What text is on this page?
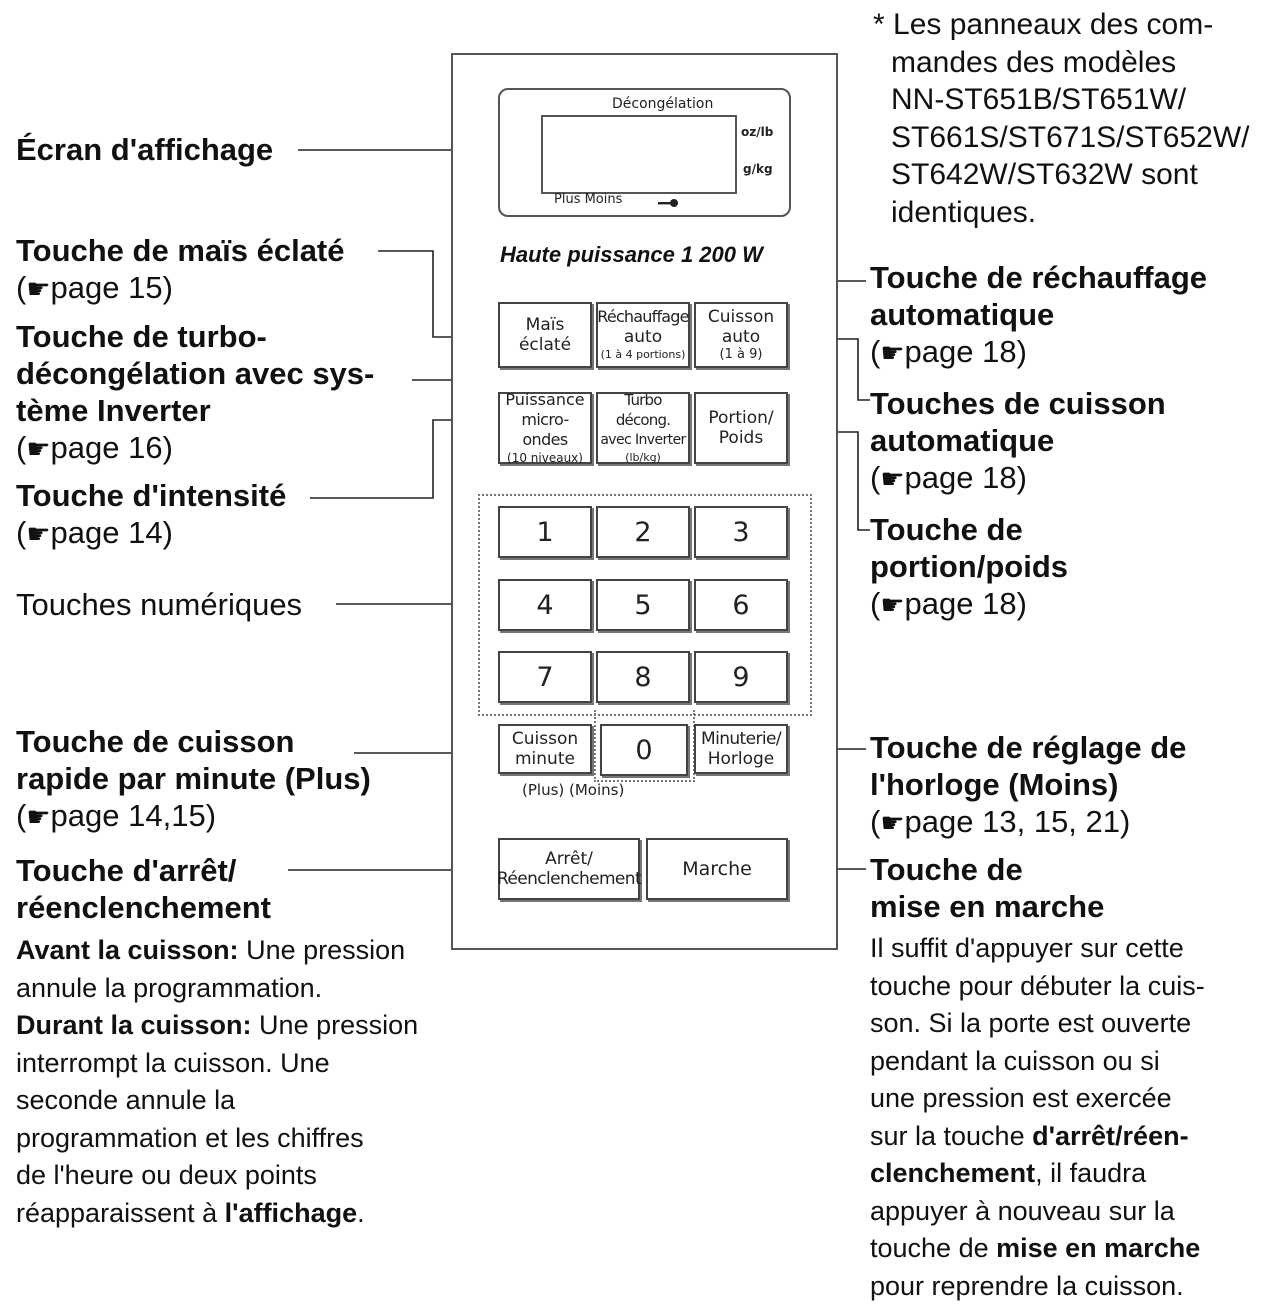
Décongélation
oz/lb
g/kg
Plus Moins
Haute puissance 1 200 W
Maïs
éclaté
Réchauffage
auto
(1 à 4 portions)
Cuisson
auto
(1 à 9)
Puissance
micro-ondes
(10 niveaux)
Turbo décong.
avec Inverter
(lb/kg)
Portion/
Poids
1	2	3
4	5	6
7	8	9
Cuisson
minute	0	Minuterie/
Horloge
(Plus) (Moins)
Arrêt/
Réenclenchement Marche
* Les panneaux des com-
mandes des modèles
NN-ST651B/ST651W/
ST661S/ST671S/ST652W/
ST642W/ST632W sont
identiques.
Écran d'affichage
Touche de maïs éclaté
(☛page 15)
Touche de turbo-
décongélation avec sys-
tème Inverter
(☛page 16)
Touche d'intensité
(☛page 14)
Touches numériques
Touche de cuisson
rapide par minute (Plus)
(☛page 14,15)
Touche d'arrêt/
réenclenchement
Avant la cuisson: Une pression
annule la programmation.
Durant la cuisson: Une pression
interrompt la cuisson. Une
seconde annule la
programmation et les chiffres
de l'heure ou deux points
réapparaissent à l'affichage.
Touche de réchauffage
automatique
(☛page 18)
Touches de cuisson
automatique
(☛page 18)
Touche de
portion/poids
(☛page 18)
Touche de réglage de
l'horloge (Moins)
(☛page 13, 15, 21)
Touche de
mise en marche
Il suffit d'appuyer sur cette
touche pour débuter la cuis-
son. Si la porte est ouverte
pendant la cuisson ou si
une pression est exercée
sur la touche d'arrêt/réen-
clenchement, il faudra
appuyer à nouveau sur la
touche de mise en marche
pour reprendre la cuisson.
